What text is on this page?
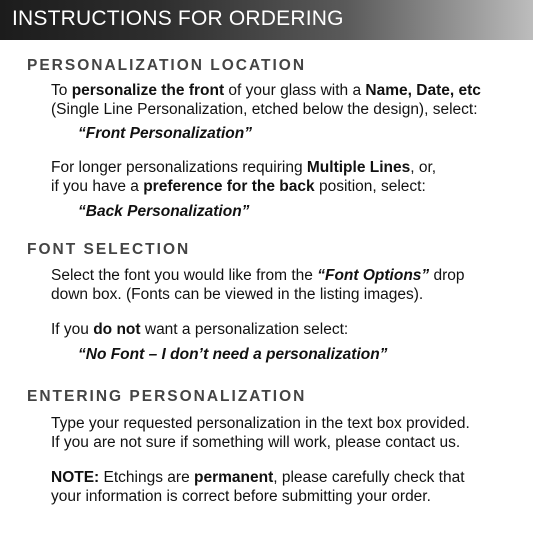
INSTRUCTIONS FOR ORDERING
PERSONALIZATION LOCATION
To personalize the front of your glass with a Name, Date, etc
(Single Line Personalization, etched below the design), select:
“Front Personalization”
For longer personalizations requiring Multiple Lines, or,
if you have a preference for the back position, select:
“Back Personalization”
FONT SELECTION
Select the font you would like from the “Font Options” drop
down box. (Fonts can be viewed in the listing images).
If you do not want a personalization select:
“No Font – I don’t need a personalization”
ENTERING PERSONALIZATION
Type your requested personalization in the text box provided.
If you are not sure if something will work, please contact us.
NOTE: Etchings are permanent, please carefully check that
your information is correct before submitting your order.
